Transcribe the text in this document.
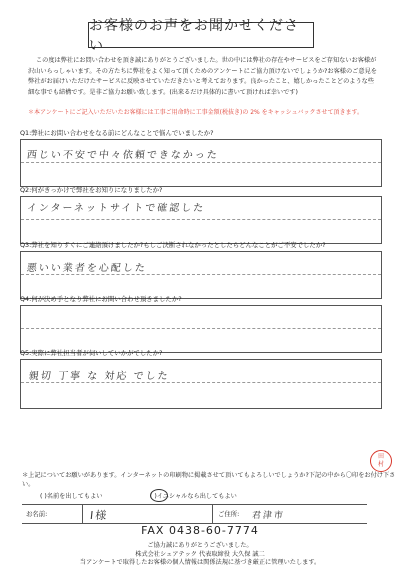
お客様のお声をお聞かせください
この度は弊社にお問い合わせを頂き誠にありがとうございました。世の中には弊社の存在やサービスをご存知ないお客様が沢山いらっしゃいます。その方たちに弊社をよく知って頂くためのアンケートにご協力頂けないでしょうか?お客様のご意見を弊社がお届けいただけたサービスに反映させていただきたいと考えております。良かったこと、嬉しかったことどのような些細な事でも結構です。是非ご協力お願い致します。(出来るだけ具体的に書いて頂ければ幸いです)
＊本アンケートにご記入いただいたお客様には工事ご用命時に工事金額(税抜き)の 2% をキャッシュバックさせて頂きます。
Q1:弊社にお問い合わせをなる前にどんなことで悩んでいましたか?
西じい不安で中々依頼できなかった
Q2:何がきっかけで弊社をお知りになりましたか?
インターネットサイトで確認した
Q3:弊社を知りすぐにご連絡頂けましたか?もしご決断されなかったとしたらどんなことがご不安でしたか?
悪いい業者を心配した
Q4:何が決め手となり弊社にお問い合わせ頂きましたか?
Q5:実際に弊社担当者が伺いしていかがでしたか?
親切 丁寧 な 対応 でした
＊上記についてお願いがあります。インターネットの印刷物に掲載させて頂いてもよろしいでしょうか?下記の中から〇印をお付け下さい。
( )名前を出してもよい	( )イニシャルなら出してもよい
お名前:	I様	ご住所: 君津市
FAX 0438-60-7774
ご協力誠にありがとうございました。
株式会社シェアテック 代表取締役 大久保 誠二
当アンケートで取得したお客様の個人情報は関係法規に基づき厳正に管理いたします。
田
村
